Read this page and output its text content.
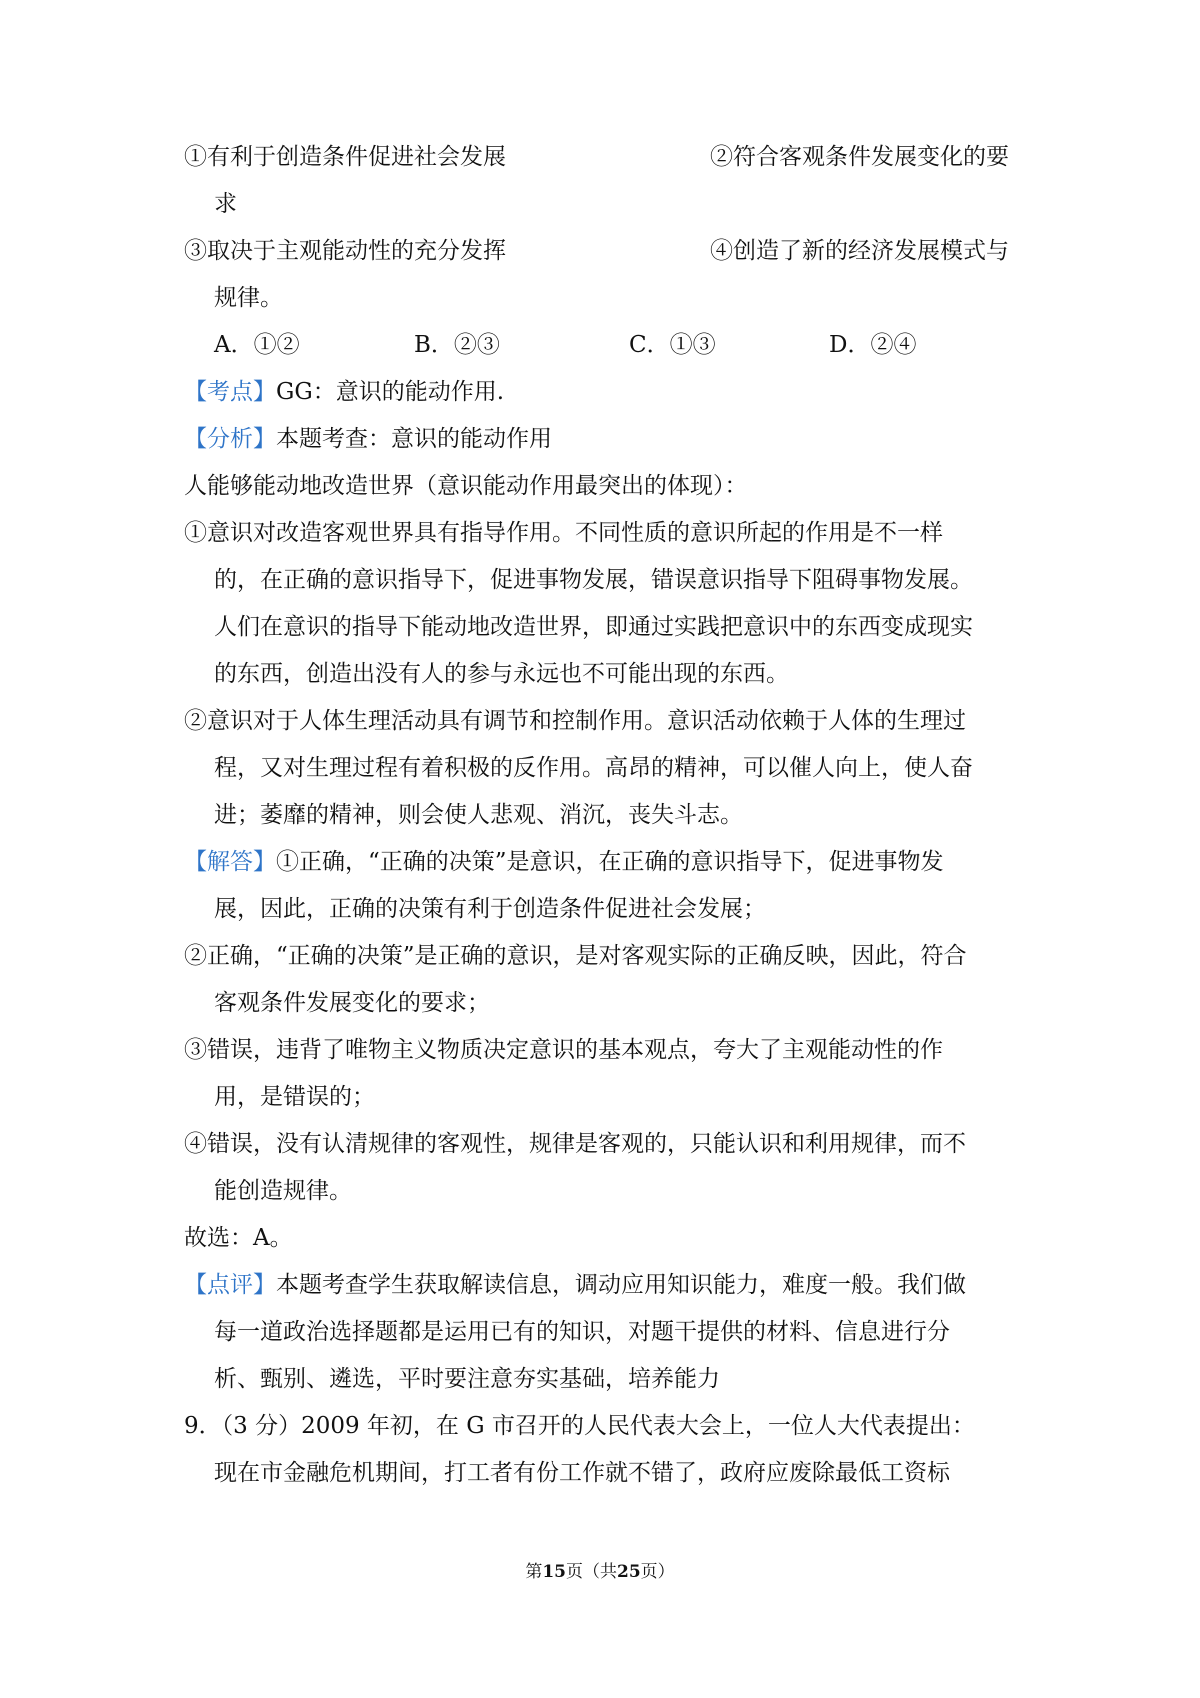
①有利于创造条件促进社会发展	②符合客观条件发展变化的要
求
③取决于主观能动性的充分发挥	④创造了新的经济发展模式与
规律。
A．①②	B．②③	C．①③	D．②④
【考点】GG：意识的能动作用.
【分析】本题考查：意识的能动作用
人能够能动地改造世界（意识能动作用最突出的体现）：
①意识对改造客观世界具有指导作用。不同性质的意识所起的作用是不一样
的，在正确的意识指导下，促进事物发展，错误意识指导下阻碍事物发展。
人们在意识的指导下能动地改造世界，即通过实践把意识中的东西变成现实
的东西，创造出没有人的参与永远也不可能出现的东西。
②意识对于人体生理活动具有调节和控制作用。意识活动依赖于人体的生理过
程，又对生理过程有着积极的反作用。高昂的精神，可以催人向上，使人奋
进；萎靡的精神，则会使人悲观、消沉，丧失斗志。
【解答】①正确，“正确的决策”是意识，在正确的意识指导下，促进事物发
展，因此，正确的决策有利于创造条件促进社会发展；
②正确，“正确的决策”是正确的意识，是对客观实际的正确反映，因此，符合
客观条件发展变化的要求；
③错误，违背了唯物主义物质决定意识的基本观点，夸大了主观能动性的作
用，是错误的；
④错误，没有认清规律的客观性，规律是客观的，只能认识和利用规律，而不
能创造规律。
故选：A。
【点评】本题考查学生获取解读信息，调动应用知识能力，难度一般。我们做
每一道政治选择题都是运用已有的知识，对题干提供的材料、信息进行分
析、甄别、遴选，平时要注意夯实基础，培养能力
9．（3 分）2009 年初，在 G 市召开的人民代表大会上，一位人大代表提出：
现在市金融危机期间，打工者有份工作就不错了，政府应废除最低工资标
第15页（共25页）
